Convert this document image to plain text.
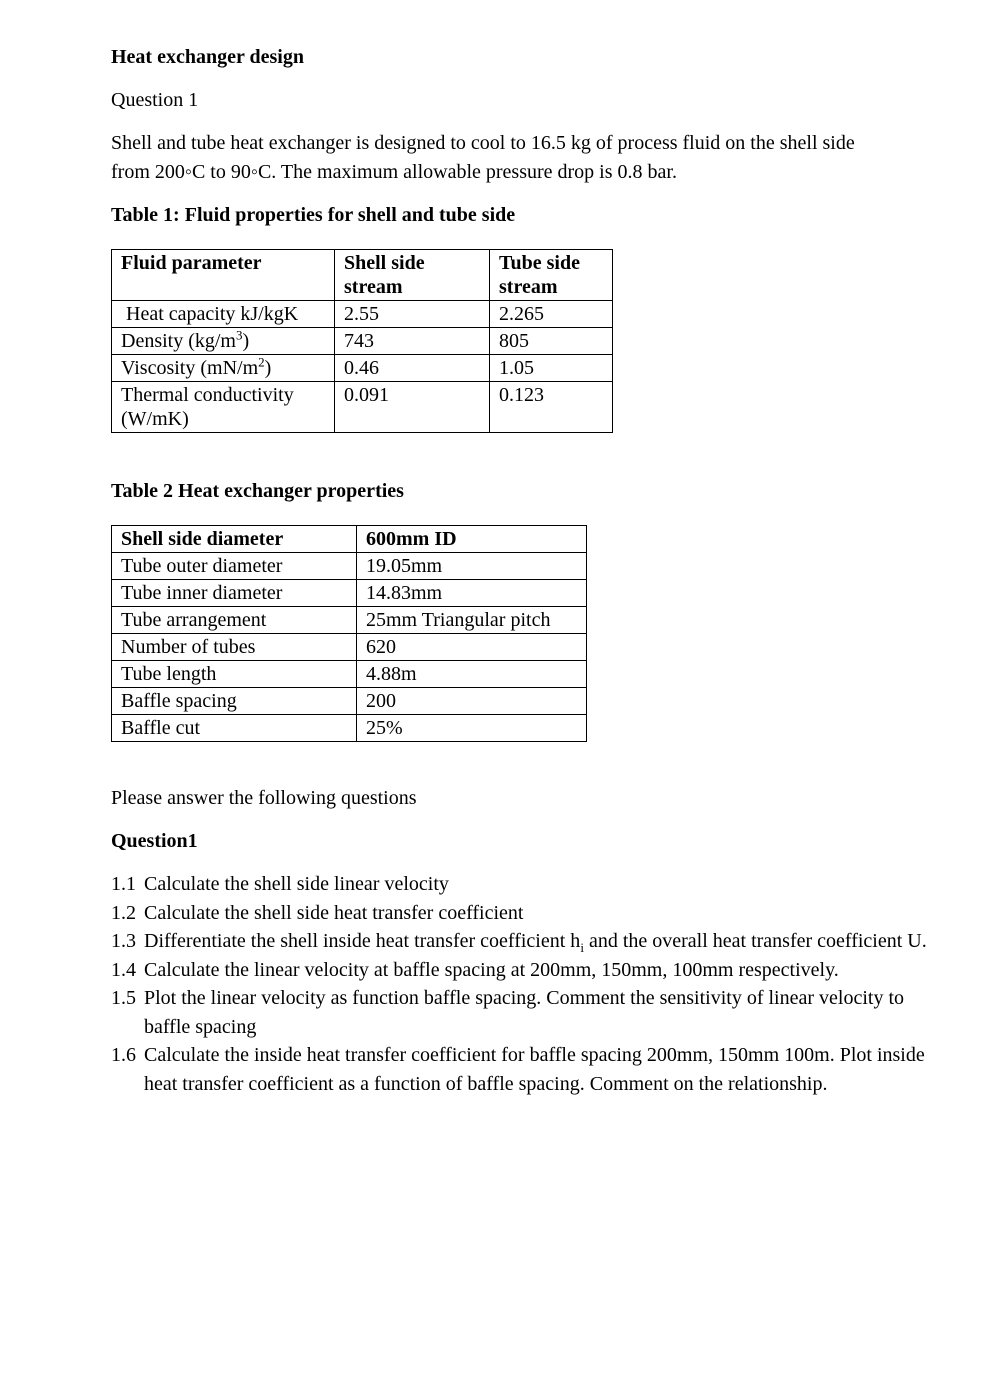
Heat exchanger design

Question 1

Shell and tube heat exchanger is designed to cool to 16.5 kg of process fluid on the shell side
from 200◦C to 90◦C. The maximum allowable pressure drop is 0.8 bar.

Table 1: Fluid properties for shell and tube side

Fluid parameter	Shell side stream	Tube side stream
Heat capacity kJ/kgK	2.55	2.265
Density $(kg/m^3)$	743	805
Viscosity $(mN/m^2)$	0.46	1.05
Thermal conductivity (W/mK)	0.091	0.123

Table 2 Heat exchanger properties

Shell side diameter	600mm ID
Tube outer diameter	19.05mm
Tube inner diameter	14.83mm
Tube arrangement	25mm Triangular pitch
Number of tubes	620
Tube length	4.88m
Baffle spacing	200
Baffle cut	25%

Please answer the following questions

Question1

1.1 Calculate the shell side linear velocity
1.2 Calculate the shell side heat transfer coefficient
1.3 Differentiate the shell inside heat transfer coefficient $h_i$ and the overall heat transfer coefficient U.
1.4 Calculate the linear velocity at baffle spacing at 200mm, 150mm, 100mm respectively.
1.5 Plot the linear velocity as function baffle spacing. Comment the sensitivity of linear velocity to baffle spacing
1.6 Calculate the inside heat transfer coefficient for baffle spacing 200mm, 150mm 100m. Plot inside heat transfer coefficient as a function of baffle spacing. Comment on the relationship.
